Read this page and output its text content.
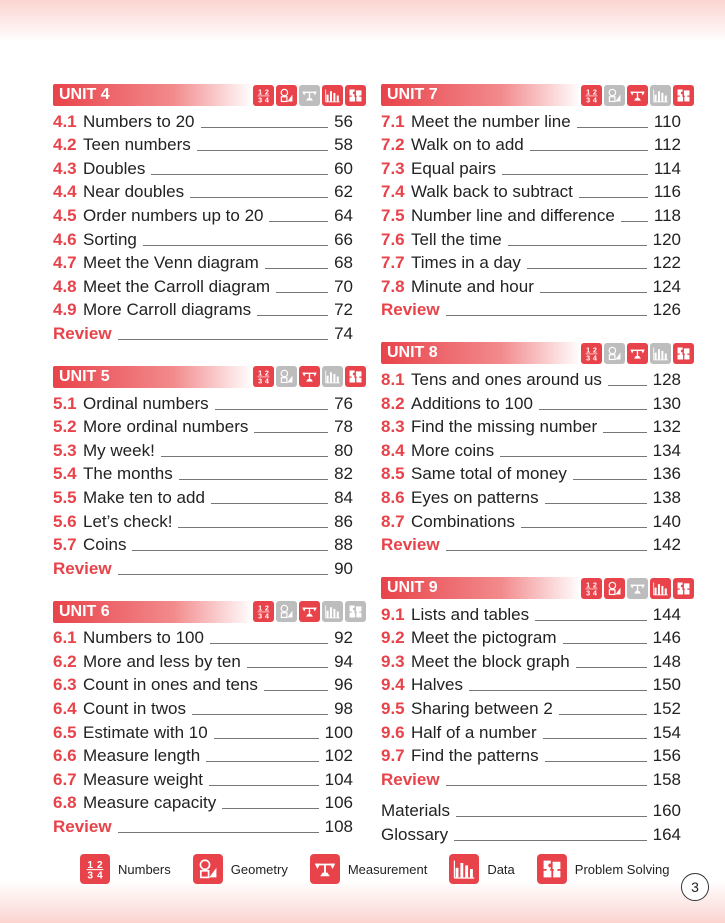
UNIT 4	1 2
3 4
4.1 Numbers to 20	56
4.2 Teen numbers	58
4.3 Doubles	60
4.4 Near doubles	62
4.5 Order numbers up to 20	64
4.6 Sorting	66
4.7 Meet the Venn diagram	68
4.8 Meet the Carroll diagram	70
4.9 More Carroll diagrams	72
Review	74
UNIT 5	1 2
3 4
5.1 Ordinal numbers	76
5.2 More ordinal numbers	78
5.3 My week!	80
5.4 The months	82
5.5 Make ten to add	84
5.6 Let’s check!	86
5.7 Coins	88
Review	90
UNIT 6	1 2
3 4
6.1 Numbers to 100	92
6.2 More and less by ten	94
6.3 Count in ones and tens	96
6.4 Count in twos	98
6.5 Estimate with 10	100
6.6 Measure length	102
6.7 Measure weight	104
6.8 Measure capacity	106
Review	108
UNIT 7	1 2
3 4
7.1 Meet the number line	110
7.2 Walk on to add	112
7.3 Equal pairs	114
7.4 Walk back to subtract	116
7.5 Number line and difference 118
7.6 Tell the time	120
7.7 Times in a day	122
7.8 Minute and hour	124
Review	126
UNIT 8	1 2
3 4
8.1 Tens and ones around us	128
8.2 Additions to 100	130
8.3 Find the missing number	132
8.4 More coins	134
8.5 Same total of money	136
8.6 Eyes on patterns	138
8.7 Combinations	140
Review	142
UNIT 9	1 2
3 4
9.1 Lists and tables	144
9.2 Meet the pictogram	146
9.3 Meet the block graph	148
9.4 Halves	150
9.5 Sharing between 2	152
9.6 Half of a number	154
9.7 Find the patterns	156
Review	158
Materials	160
Glossary	164
1 2
3 4 Numbers	Geometry	Measurement	Data	Problem Solving
3
